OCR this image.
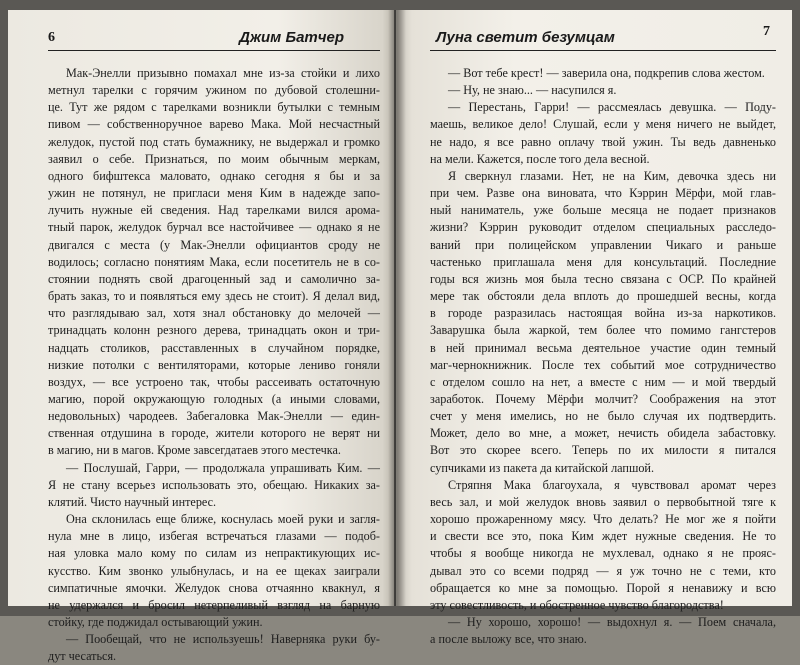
6	Джим Батчер
Мак-Энелли призывно помахал мне из-за стойки и лихо
метнул тарелки с горячим ужином по дубовой столешни-
це. Тут же рядом с тарелками возникли бутылки с темным
пивом — собственноручное варево Мака. Мой несчастный
желудок, пустой под стать бумажнику, не выдержал и громко
заявил о себе. Признаться, по моим обычным меркам,
одного бифштекса маловато, однако сегодня я бы и за
ужин не потянул, не пригласи меня Ким в надежде запо-
лучить нужные ей сведения. Над тарелками вился арома-
тный парок, желудок бурчал все настойчивее — однако я не
двигался с места (у Мак-Энелли официантов сроду не
водилось; согласно понятиям Мака, если посетитель не в со-
стоянии поднять свой драгоценный зад и самолично за-
брать заказ, то и появляться ему здесь не стоит). Я делал вид,
что разглядываю зал, хотя знал обстановку до мелочей —
тринадцать колонн резного дерева, тринадцать окон и три-
надцать столиков, расставленных в случайном порядке,
низкие потолки с вентиляторами, которые лениво гоняли
воздух, — все устроено так, чтобы рассеивать остаточную
магию, порой окружающую голодных (а иными словами,
недовольных) чародеев. Забегаловка Мак-Энелли — един-
ственная отдушина в городе, жители которого не верят ни
в магию, ни в магов. Кроме завсегдатаев этого местечка.
— Послушай, Гарри, — продолжала упрашивать Ким. —
Я не стану всерьез использовать это, обещаю. Никаких за-
клятий. Чисто научный интерес.
Она склонилась еще ближе, коснулась моей руки и загля-
нула мне в лицо, избегая встречаться глазами — подоб-
ная уловка мало кому по силам из непрактикующих ис-
кусство. Ким звонко улыбнулась, и на ее щеках заиграли
симпатичные ямочки. Желудок снова отчаянно квакнул, я
не удержался и бросил нетерпеливый взгляд на барную
стойку, где поджидал остывающий ужин.
— Пообещай, что не используешь! Наверняка руки бу-
дут чесаться.
Луна светит безумцам	7
— Вот тебе крест! — заверила она, подкрепив слова жестом.
— Ну, не знаю... — насупился я.
— Перестань, Гарри! — рассмеялась девушка. — Поду-
маешь, великое дело! Слушай, если у меня ничего не выйдет,
не надо, я все равно оплачу твой ужин. Ты ведь давненько
на мели. Кажется, после того дела весной.
Я сверкнул глазами. Нет, не на Ким, девочка здесь ни
при чем. Разве она виновата, что Кэррин Мёрфи, мой глав-
ный наниматель, уже больше месяца не подает признаков
жизни? Кэррин руководит отделом специальных расследо-
ваний при полицейском управлении Чикаго и раньше
частенько приглашала меня для консультаций. Последние
годы вся жизнь моя была тесно связана с ОСР. По крайней
мере так обстояли дела вплоть до прошедшей весны, когда
в городе разразилась настоящая война из-за наркотиков.
Заварушка была жаркой, тем более что помимо гангстеров
в ней принимал весьма деятельное участие один темный
маг-чернокнижник. После тех событий мое сотрудничество
с отделом сошло на нет, а вместе с ним — и мой твердый
заработок. Почему Мёрфи молчит? Соображения на этот
счет у меня имелись, но не было случая их подтвердить.
Может, дело во мне, а может, нечисть обидела забастовку.
Вот это скорее всего. Теперь по их милости я питался
супчиками из пакета да китайской лапшой.
Стряпня Мака благоухала, я чувствовал аромат через
весь зал, и мой желудок вновь заявил о первобытной тяге к
хорошо прожаренному мясу. Что делать? Не мог же я пойти
и свести все это, пока Ким ждет нужные сведения. Не то
чтобы я вообще никогда не мухлевал, однако я не прояс-
дывал это со всеми подряд — я уж точно не с теми, кто
обращается ко мне за помощью. Порой я ненавижу и всю
эту совестливость, и обостренное чувство благородства!
— Ну хорошо, хорошо! — выдохнул я. — Поем сначала,
а после выложу все, что знаю.
